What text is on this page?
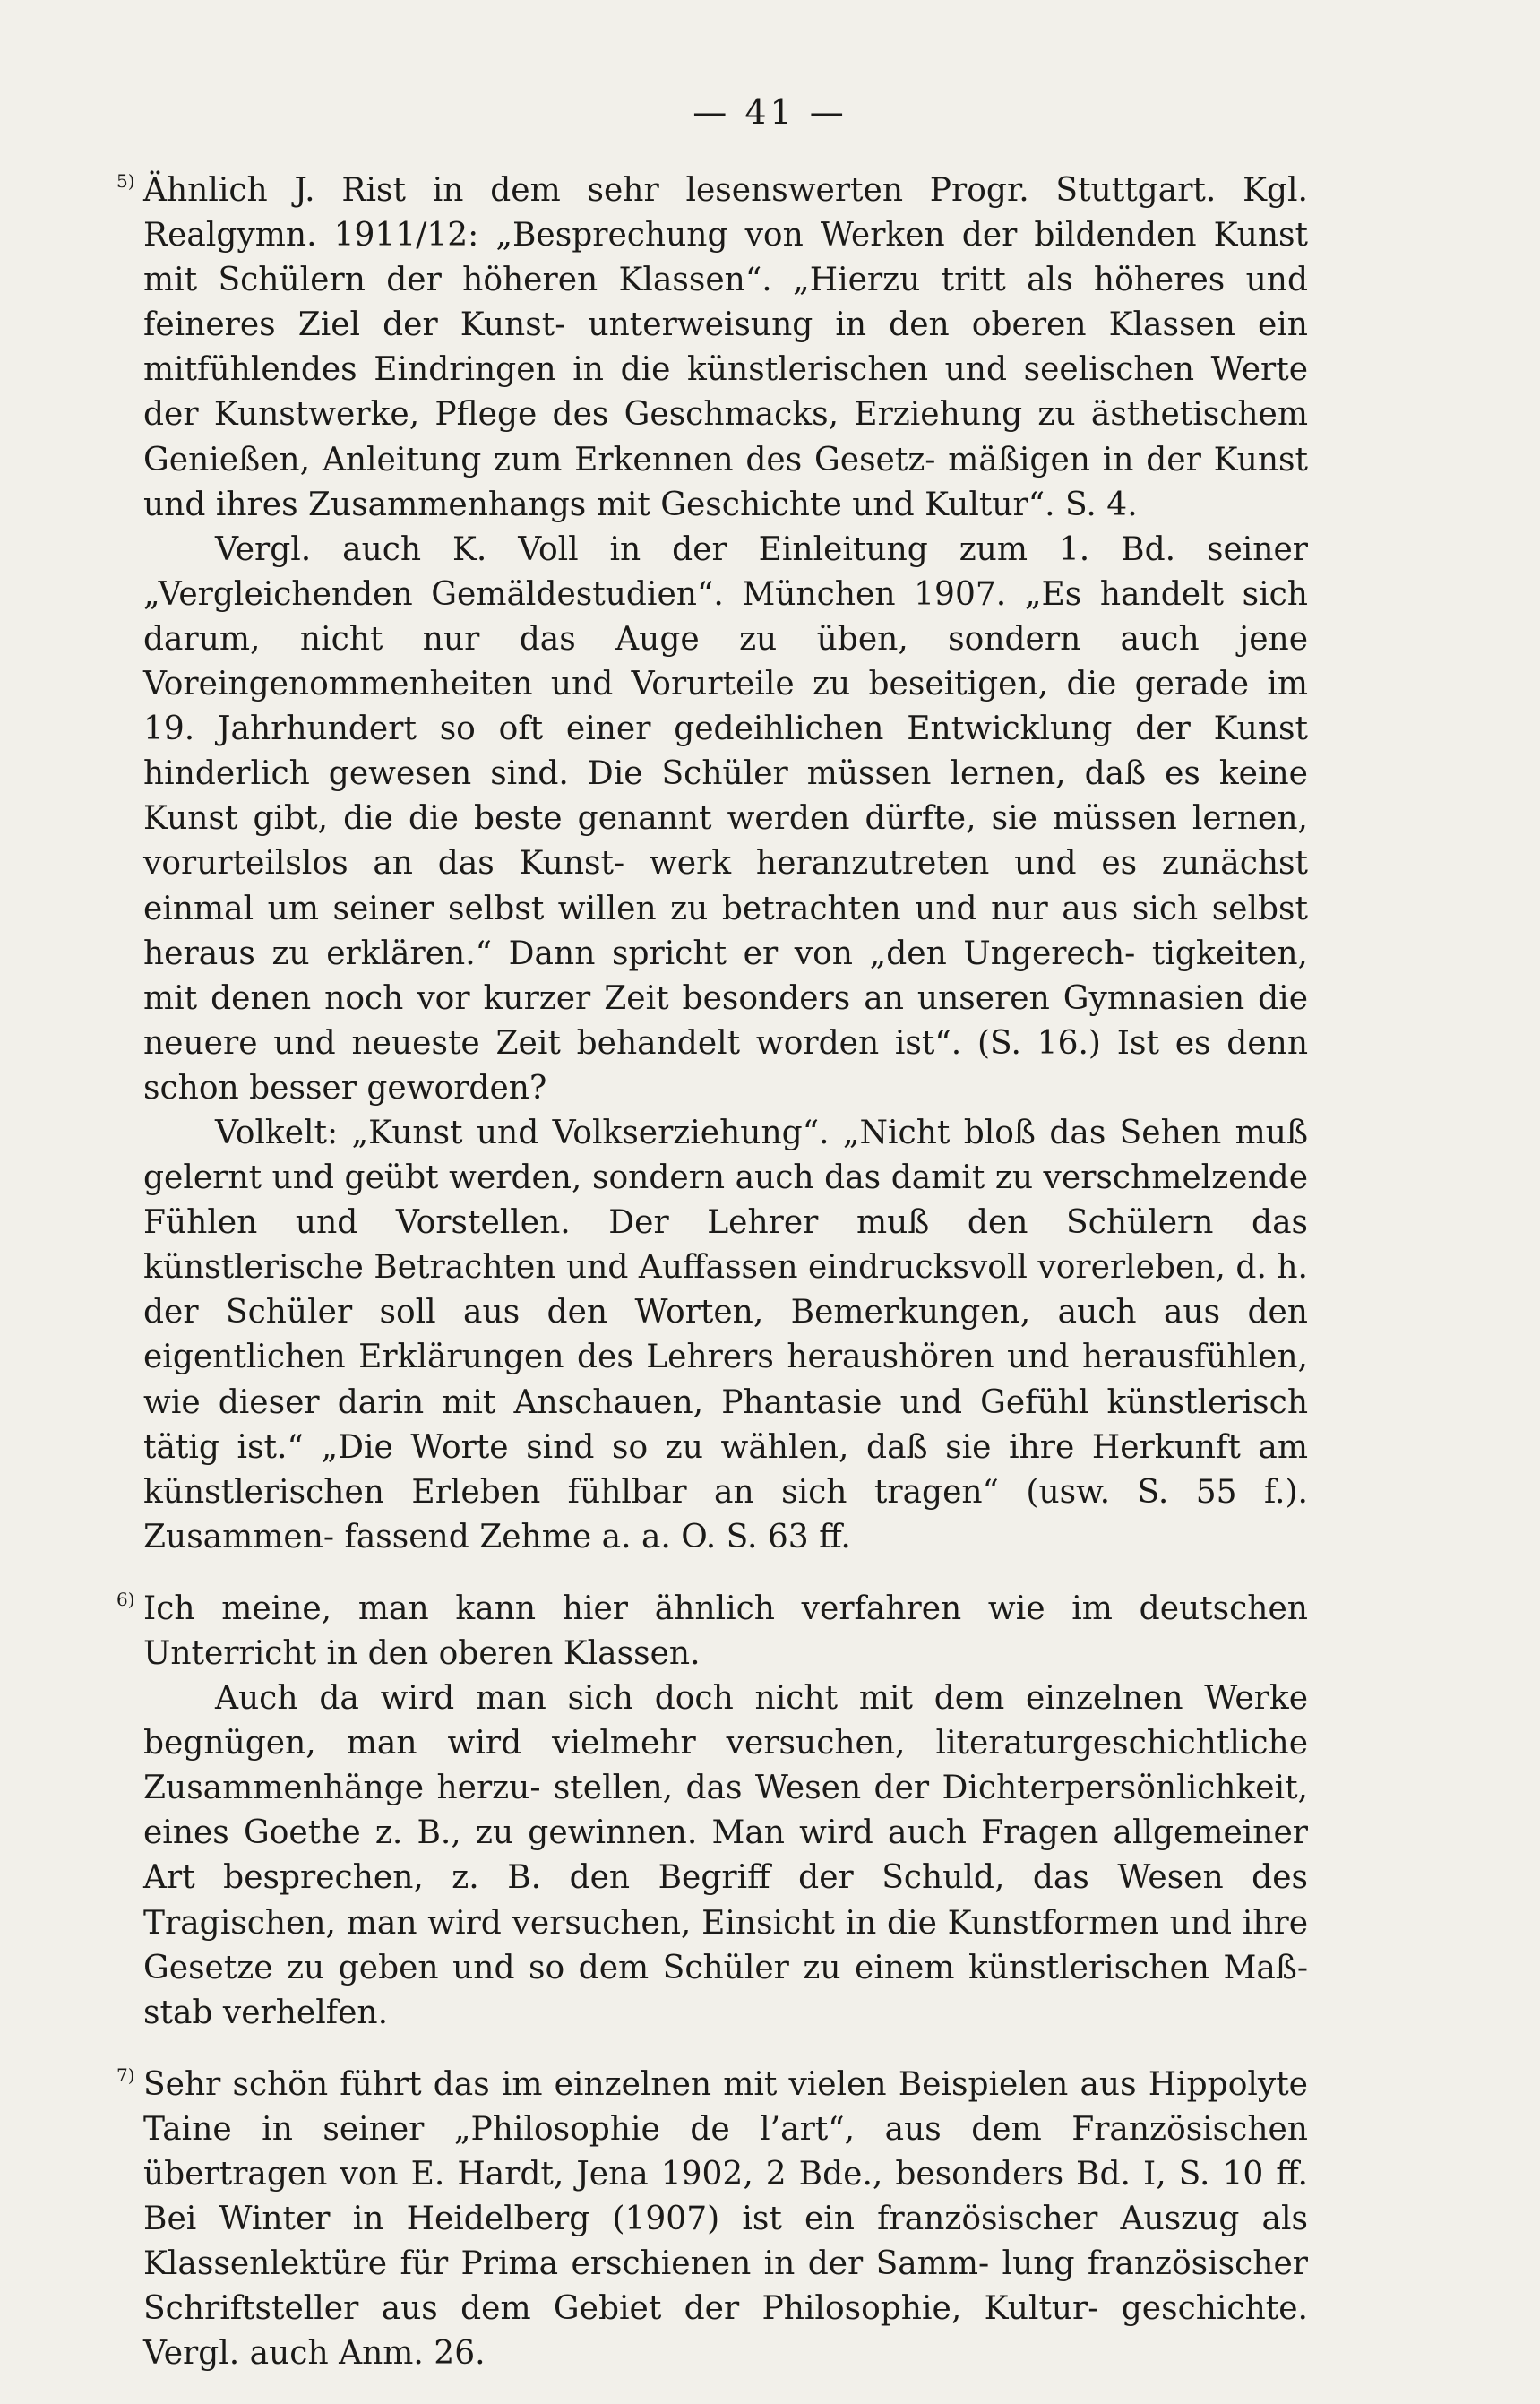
— 41 —
5) Ähnlich J. Rist in dem sehr lesenswerten Progr. Stuttgart. Kgl. Realgymn. 1911/12: „Besprechung von Werken der bildenden Kunst mit Schülern der höheren Klassen“. „Hierzu tritt als höheres und feineres Ziel der Kunst- unterweisung in den oberen Klassen ein mitfühlendes Eindringen in die künstlerischen und seelischen Werte der Kunstwerke, Pflege des Geschmacks, Erziehung zu ästhetischem Genießen, Anleitung zum Erkennen des Gesetz- mäßigen in der Kunst und ihres Zusammenhangs mit Geschichte und Kultur“. S. 4.

Vergl. auch K. Voll in der Einleitung zum 1. Bd. seiner „Vergleichenden Gemäldestudien“. München 1907. „Es handelt sich darum, nicht nur das Auge zu üben, sondern auch jene Voreingenommenheiten und Vorurteile zu beseitigen, die gerade im 19. Jahrhundert so oft einer gedeihlichen Entwicklung der Kunst hinderlich gewesen sind. Die Schüler müssen lernen, daß es keine Kunst gibt, die die beste genannt werden dürfte, sie müssen lernen, vorurteilslos an das Kunst- werk heranzutreten und es zunächst einmal um seiner selbst willen zu betrachten und nur aus sich selbst heraus zu erklären.“ Dann spricht er von „den Ungerech- tigkeiten, mit denen noch vor kurzer Zeit besonders an unseren Gymnasien die neuere und neueste Zeit behandelt worden ist“. (S. 16.) Ist es denn schon besser geworden?

Volkelt: „Kunst und Volkserziehung“. „Nicht bloß das Sehen muß gelernt und geübt werden, sondern auch das damit zu verschmelzende Fühlen und Vorstellen. Der Lehrer muß den Schülern das künstlerische Betrachten und Auffassen eindrucksvoll vorerleben, d. h. der Schüler soll aus den Worten, Bemerkungen, auch aus den eigentlichen Erklärungen des Lehrers heraushören und herausfühlen, wie dieser darin mit Anschauen, Phantasie und Gefühl künstlerisch tätig ist.“ „Die Worte sind so zu wählen, daß sie ihre Herkunft am künstlerischen Erleben fühlbar an sich tragen“ (usw. S. 55 f.). Zusammen- fassend Zehme a. a. O. S. 63 ff.

6) Ich meine, man kann hier ähnlich verfahren wie im deutschen Unterricht in den oberen Klassen.

Auch da wird man sich doch nicht mit dem einzelnen Werke begnügen, man wird vielmehr versuchen, literaturgeschichtliche Zusammenhänge herzu- stellen, das Wesen der Dichterpersönlichkeit, eines Goethe z. B., zu gewinnen. Man wird auch Fragen allgemeiner Art besprechen, z. B. den Begriff der Schuld, das Wesen des Tragischen, man wird versuchen, Einsicht in die Kunstformen und ihre Gesetze zu geben und so dem Schüler zu einem künstlerischen Maß- stab verhelfen.

7) Sehr schön führt das im einzelnen mit vielen Beispielen aus Hippolyte Taine in seiner „Philosophie de l’art“, aus dem Französischen übertragen von E. Hardt, Jena 1902, 2 Bde., besonders Bd. I, S. 10 ff. Bei Winter in Heidelberg (1907) ist ein französischer Auszug als Klassenlektüre für Prima erschienen in der Samm- lung französischer Schriftsteller aus dem Gebiet der Philosophie, Kultur- geschichte. Vergl. auch Anm. 26.
